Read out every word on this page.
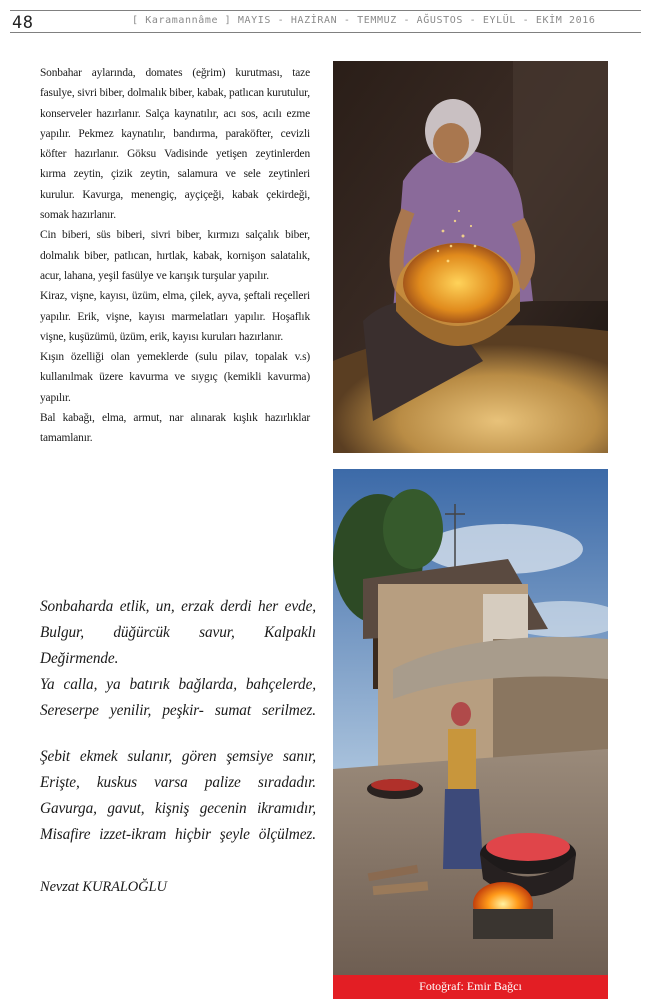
48	[ Karamannâme ] MAYIS - HAZİRAN - TEMMUZ - AĞUSTOS - EYLÜL - EKİM 2016

Sonbahar aylarında, domates (eğrim) kurutması, taze fasulye, sivri biber, dolmalık biber, kabak, patlıcan kurutulur, konserveler hazırlanır. Salça kaynatılır, acı sos, acılı ezme yapılır. Pekmez kaynatılır, bandırma, paraköfter, cevizli köfter hazırlanır. Göksu Vadisinde yetişen zeytinlerden kırma zeytin, çizik zeytin, salamura ve sele zeytinleri kurulur. Kavurga, menengiç, ayçiçeği, kabak çekirdeği, somak hazırlanır.

Cin biberi, süs biberi, sivri biber, kırmızı salçalık biber, dolmalık biber, patlıcan, hırtlak, kabak, kornişon salatalık, acur, lahana, yeşil fasülye ve karışık turşular yapılır.

Kiraz, vişne, kayısı, üzüm, elma, çilek, ayva, şeftali reçelleri yapılır. Erik, vişne, kayısı marmelatları yapılır. Hoşaflık vişne, kuşüzümü, üzüm, erik, kayısı kuruları hazırlanır.

Kışın özelliği olan yemeklerde (sulu pilav, topalak v.s) kullanılmak üzere kavurma ve sıygıç (kemikli kavurma) yapılır.

Bal kabağı, elma, armut, nar alınarak kışlık hazırlıklar tamamlanır.

Sonbaharda etlik, un, erzak derdi her evde,
Bulgur, düğürcük savur, Kalpaklı Değirmende.
Ya calla, ya batırık bağlarda, bahçelerde,
Sereserpe yenilir, peşkir- sumat serilmez.
Şebit ekmek sulanır, gören şemsiye sanır,
Erişte, kuskus varsa palize sıradadır.
Gavurga, gavut, kişniş gecenin ikramıdır,
Misafire izzet-ikram hiçbir şeyle ölçülmez.
Nevzat KURALOĞLU
Fotoğraf: Emir Bağcı
